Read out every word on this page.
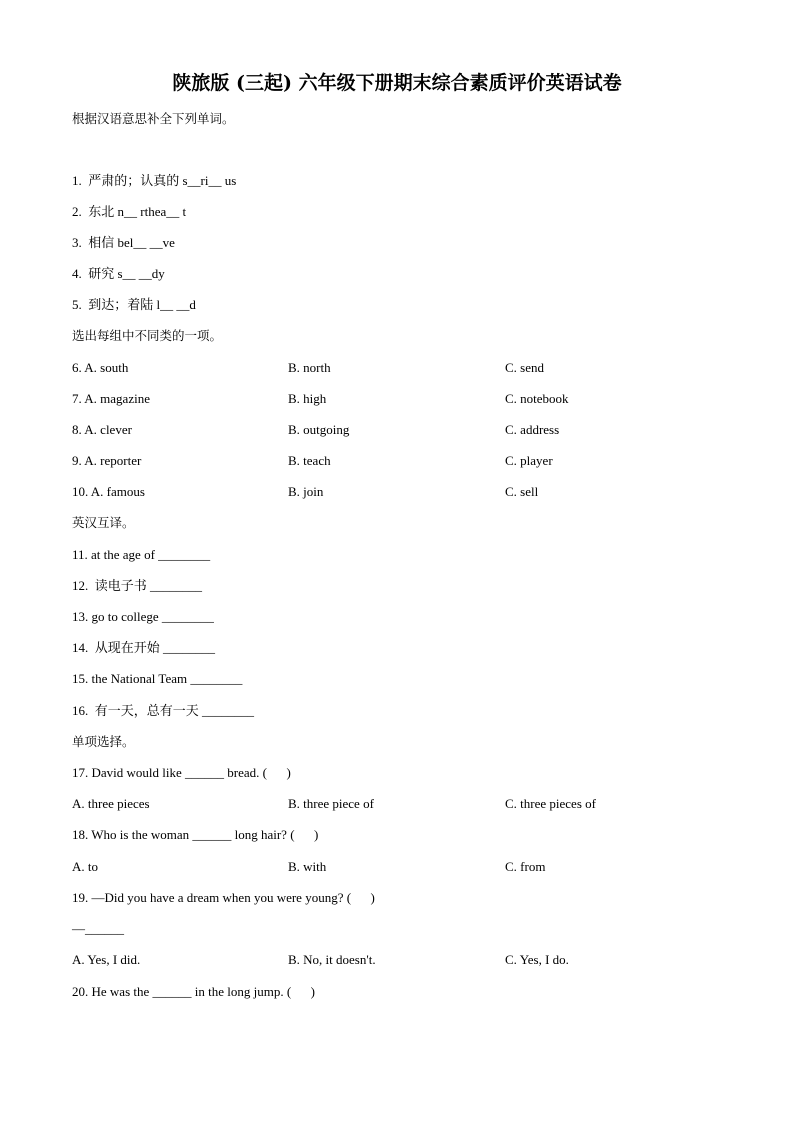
陕旅版 (三起) 六年级下册期末综合素质评价英语试卷
根据汉语意思补全下列单词。
1.  严肃的；认真的 s__ri__ us
2.  东北 n__ rthea__ t
3.  相信 bel__ __ve
4.  研究 s__ __dy
5.  到达；着陆 l__ __d
选出每组中不同类的一项。
6. A. south	B. north	C. send
7. A. magazine	B. high	C. notebook
8. A. clever	B. outgoing	C. address
9. A. reporter	B. teach	C. player
10. A. famous	B. join	C. sell
英汉互译。
11. at the age of ________
12.  读电子书 ________
13. go to college ________
14.  从现在开始 ________
15. the National Team ________
16.  有一天，总有一天 ________
单项选择。
17. David would like ______ bread. (      )
A. three pieces	B. three piece of	C. three pieces of
18. Who is the woman ______ long hair? (      )
A. to	B. with	C. from
19. —Did you have a dream when you were young? (      )
—______
A. Yes, I did.	B. No, it doesn't.	C. Yes, I do.
20. He was the ______ in the long jump. (      )
